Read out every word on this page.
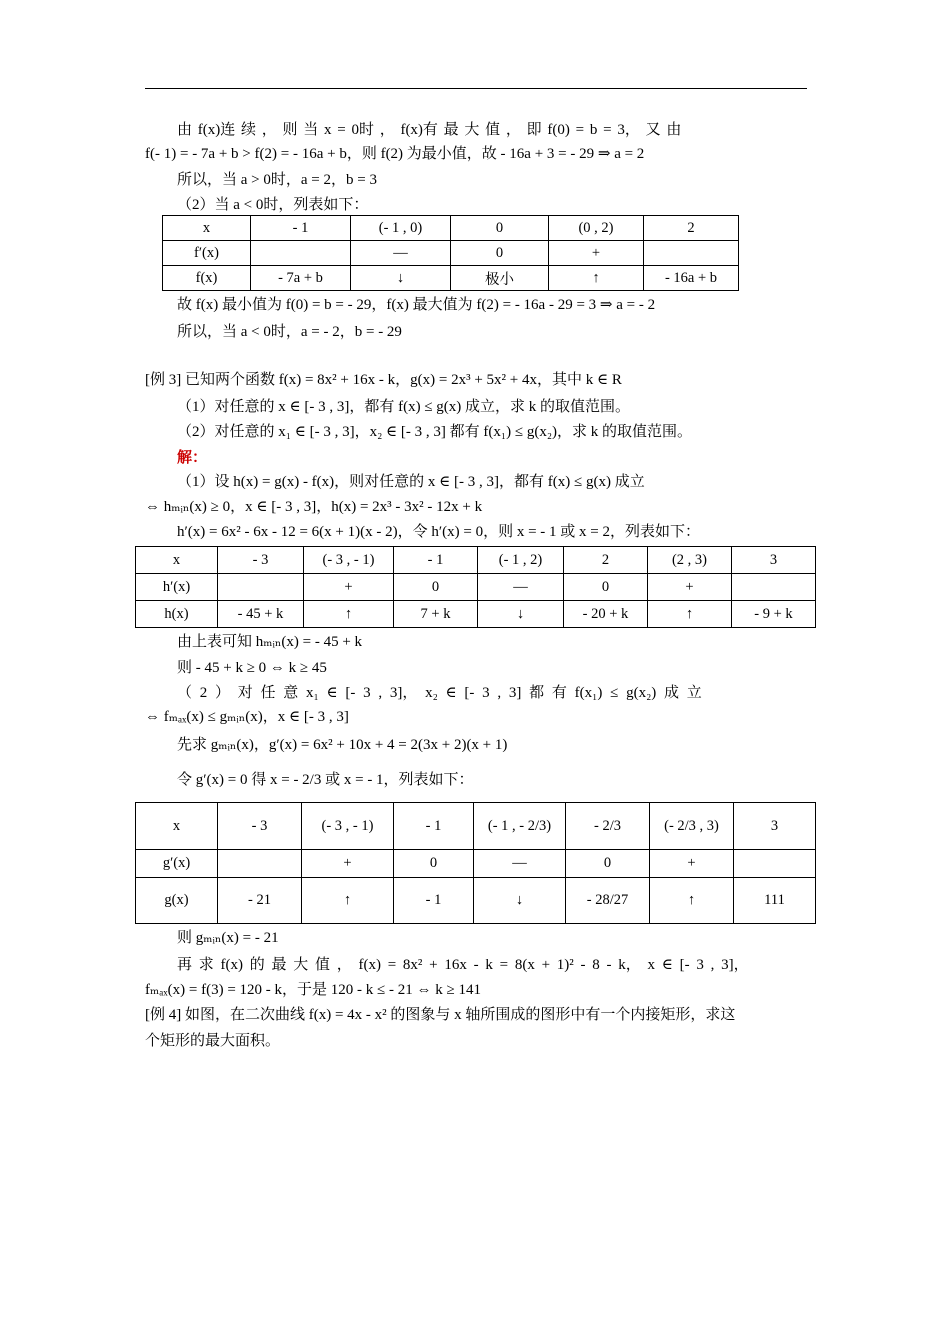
由 f(x)连 续 ， 则 当 x = 0时 ， f(x)有 最 大 值 ， 即 f(0) = b = 3， 又 由
f(- 1) = - 7a + b > f(2) = - 16a + b，则 f(2) 为最小值，故 - 16a + 3 = - 29 ⇒ a = 2
所以，当 a > 0时，a = 2，b = 3
（2）当 a < 0时，列表如下：
x	- 1	(- 1 , 0)	0	(0 , 2)	2
f′(x)		—	0	+	
f(x)	- 7a + b	↓	极小	↑	- 16a + b
故 f(x) 最小值为 f(0) = b = - 29，f(x) 最大值为 f(2) = - 16a - 29 = 3 ⇒ a = - 2
所以，当 a < 0时，a = - 2，b = - 29
[例 3] 已知两个函数 f(x) = 8x² + 16x - k，g(x) = 2x³ + 5x² + 4x，其中 k ∈ R
（1）对任意的 x ∈ [- 3 , 3]，都有 f(x) ≤ g(x) 成立，求 k 的取值范围。
（2）对任意的 x₁ ∈ [- 3 , 3]，x₂ ∈ [- 3 , 3] 都有 f(x₁) ≤ g(x₂)，求 k 的取值范围。
解：
（1）设 h(x) = g(x) - f(x)，则对任意的 x ∈ [- 3 , 3]，都有 f(x) ≤ g(x) 成立
⇔ hₘᵢₙ(x) ≥ 0，x ∈ [- 3 , 3]，h(x) = 2x³ - 3x² - 12x + k
h′(x) = 6x² - 6x - 12 = 6(x + 1)(x - 2)，令 h′(x) = 0，则 x = - 1 或 x = 2，列表如下：
x	- 3	(- 3 , - 1)	- 1	(- 1 , 2)	2	(2 , 3)	3
h′(x)		+	0	—	0	+	
h(x)	- 45 + k	↑	7 + k	↓	- 20 + k	↑	- 9 + k
由上表可知 hₘᵢₙ(x) = - 45 + k
则 - 45 + k ≥ 0 ⇔ k ≥ 45
（ 2 ） 对 任 意 x₁ ∈ [- 3 , 3]， x₂ ∈ [- 3 , 3] 都 有 f(x₁) ≤ g(x₂) 成 立
⇔ fₘₐₓ(x) ≤ gₘᵢₙ(x)，x ∈ [- 3 , 3]
先求 gₘᵢₙ(x)，g′(x) = 6x² + 10x + 4 = 2(3x + 2)(x + 1)
令 g′(x) = 0 得 x = - 2/3 或 x = - 1，列表如下：
x	- 3	(- 3 , - 1)	- 1	(- 1 , - 2/3)	- 2/3	(- 2/3 , 3)	3
g′(x)		+	0	—	0	+	
g(x)	- 21	↑	- 1	↓	- 28/27	↑	111
则 gₘᵢₙ(x) = - 21
再 求 f(x) 的 最 大 值 ， f(x) = 8x² + 16x - k = 8(x + 1)² - 8 - k， x ∈ [- 3 , 3]，
fₘₐₓ(x) = f(3) = 120 - k，于是 120 - k ≤ - 21 ⇔ k ≥ 141
[例 4] 如图，在二次曲线 f(x) = 4x - x² 的图象与 x 轴所围成的图形中有一个内接矩形，求这
个矩形的最大面积。
